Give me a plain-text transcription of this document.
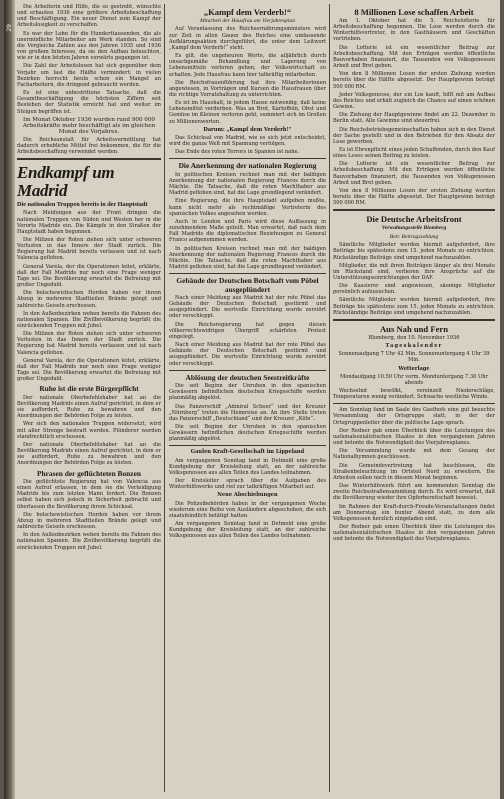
29

Die Arbeiterin und Hilfe, die so gestrebt, wünschte und erbauten 1936 eine größere Arbeitsbeschaffung und Beschäftigung. Ein neuer Dienst zum Kampf der Arbeitslosigkeit zu verschaffen.

Es war der Lohn für die Hunderttausenden, die als unermüdliche Mitarbeiter am Werk standen. So sind die Vergleiche Zahlen aus den Jahren 1935 und 1936 von großem Interesse, da sie den Aufbau beleuchten, wie er in den letzten Jahren vorwärts gegangen ist.

Die Zahl der Arbeitslosen hat sich gegenüber dem Vorjahr um fast die Hälfte vermindert; in vielen Bezirken herrscht heute schon ein Mangel an Facharbeitern, die dringend gebraucht werden.

Es ist eine unbestrittene Tatsache, daß die Gesamtbeschäftigung die höchsten Ziffern seit Bestehen der Statistik erreicht hat und weiter im Steigen begriffen ist.

Im Monat Oktober 1936 wurden rund 900 000 Arbeitskräfte mehr beschäftigt als im gleichen Monat des Vorjahres.

Die Reichsanstalt für Arbeitsvermittlung hat dadurch erhebliche Mittel frei bekommen, die für die Arbeitsbeschaffung verwendet werden.

Endkampf um Madrid
Die nationalen Truppen bereits in der Hauptstadt

Nach Meldungen aus der Front dringen die nationalen Truppen von Süden und Westen her in die Vororte Madrids ein. Die Kämpfe in den Straßen der Hauptstadt haben begonnen.

Die Milizen der Roten ziehen sich unter schweren Verlusten in das Innere der Stadt zurück. Die Regierung hat Madrid bereits verlassen und ist nach Valencia geflohen.

General Varela, der die Operationen leitet, erklärte, daß der Fall Madrids nur noch eine Frage weniger Tage sei. Die Bevölkerung erwartet die Befreiung mit großer Ungeduld.

Die bolschewistischen Horden haben vor ihrem Abzug in mehreren Stadtteilen Brände gelegt und zahlreiche Geiseln erschossen.

In den Außenbezirken wehen bereits die Fahnen des nationalen Spanien. Die Zivilbevölkerung begrüßt die einrückenden Truppen mit Jubel.

Die Milizen der Roten ziehen sich unter schweren Verlusten in das Innere der Stadt zurück. Die Regierung hat Madrid bereits verlassen und ist nach Valencia geflohen.

General Varela, der die Operationen leitet, erklärte, daß der Fall Madrids nur noch eine Frage weniger Tage sei. Die Bevölkerung erwartet die Befreiung mit großer Ungeduld.

Ruhe ist die erste Bürgerpflicht

Der nationale Oberbefehlshaber hat an die Bevölkerung Madrids einen Aufruf gerichtet, in dem er sie auffordert, Ruhe zu bewahren und den Anordnungen der Behörden Folge zu leisten.

Wer sich den nationalen Truppen widersetzt, wird mit aller Strenge bestraft werden. Plünderer werden standrechtlich erschossen.

Der nationale Oberbefehlshaber hat an die Bevölkerung Madrids einen Aufruf gerichtet, in dem er sie auffordert, Ruhe zu bewahren und den Anordnungen der Behörden Folge zu leisten.

Phrasen der geflüchteten Bonzen

Die geflüchtete Regierung hat von Valencia aus einen Aufruf erlassen, in dem sie die Verteidigung Madrids bis zum letzten Mann fordert. Die Bonzen selbst haben sich jedoch in Sicherheit gebracht und überlassen die Bevölkerung ihrem Schicksal.

Die bolschewistischen Horden haben vor ihrem Abzug in mehreren Stadtteilen Brände gelegt und zahlreiche Geiseln erschossen.

In den Außenbezirken wehen bereits die Fahnen des nationalen Spanien. Die Zivilbevölkerung begrüßt die einrückenden Truppen mit Jubel.

„Kampf dem Verderb!“
Mitarbeit der Hausfrau am Vierjahresplan

Auf Veranlassung des Reichsernährungsministers wird zur Zeit in allen Gauen des Reiches eine umfassende Aufklärungsaktion durchgeführt, die unter dem Leitwort „Kampf dem Verderb!“ steht.

Es gilt, die ungeheuren Werte, die alljährlich durch unsachgemäße Behandlung und Lagerung von Lebensmitteln verloren gehen, der Volkswirtschaft zu erhalten. Jede Hausfrau kann hier tatkräftig mitarbeiten.

Die Reichsfrauenführung hat ihre Mitarbeiterinnen angewiesen, in Vorträgen und Kursen die Hausfrauen über die richtige Vorratshaltung zu unterrichten.

Es ist im Haushalt, in jedem Hause notwendig, daß keine Lebensmittel verderben. Was an Brot, Kartoffeln, Obst und Gemüse im Kleinen verloren geht, summiert sich im Großen zu Millionenwerten.

Darum: „Kampf dem Verderb!“

Das Schicksal von Madrid, wie es sich jetzt entscheidet, wird die ganze Welt mit Spannung verfolgen.

Das Ende des roten Terrors in Spanien ist nahe.

Die Anerkennung der nationalen Regierung

In politischen Kreisen rechnet man mit der baldigen Anerkennung der nationalen Regierung Francos durch die Mächte. Die Tatsache, daß die roten Machthaber aus Madrid geflohen sind, hat die Lage grundlegend verändert.

Eine Regierung, die ihre Hauptstadt aufgeben mußte, kann nicht mehr als rechtmäßige Vertreterin des spanischen Volkes angesehen werden.

Auch in London und Paris wird diese Auffassung in zunehmendem Maße geteilt. Man erwartet, daß nach dem Fall Madrids die diplomatischen Beziehungen zu General Franco aufgenommen werden.

In politischen Kreisen rechnet man mit der baldigen Anerkennung der nationalen Regierung Francos durch die Mächte. Die Tatsache, daß die roten Machthaber aus Madrid geflohen sind, hat die Lage grundlegend verändert.

Gebäude der Deutschen Botschaft vom Pöbel ausgeplündert

Nach einer Meldung aus Madrid hat der rote Pöbel das Gebäude der Deutschen Botschaft gestürmt und ausgeplündert. Die wertvolle Einrichtung wurde zerstört oder verschleppt.

Die Reichsregierung hat gegen diesen völkerrechtswidrigen Übergriff schärfsten Protest eingelegt.

Nach einer Meldung aus Madrid hat der rote Pöbel das Gebäude der Deutschen Botschaft gestürmt und ausgeplündert. Die wertvolle Einrichtung wurde zerstört oder verschleppt.

Ablösung der deutschen Seestreitkräfte

Die seit Beginn der Unruhen in den spanischen Gewässern befindlichen deutschen Kriegsschiffe werden planmäßig abgelöst.

Das Panzerschiff „Admiral Scheer“ und der Kreuzer „Nürnberg“ treten die Heimreise an. An ihre Stelle treten das Panzerschiff „Deutschland“ und der Kreuzer „Köln“.

Die seit Beginn der Unruhen in den spanischen Gewässern befindlichen deutschen Kriegsschiffe werden planmäßig abgelöst.

Gaulen Kraft-Gesellschaft im Lippeland

Am vergangenen Sonntag fand in Detmold eine große Kundgebung der Kreisleitung statt, an der zahlreiche Volksgenossen aus allen Teilen des Landes teilnahmen.

Der Kreisleiter sprach über die Aufgaben des Winterhilfswerks und rief zur tatkräftigen Mitarbeit auf.

Neue Abschiebungen

Die Polizeibehörden haben in der vergangenen Woche wiederum eine Reihe von Ausländern abgeschoben, die sich staatsfeindlich betätigt hatten.

Am vergangenen Sonntag fand in Detmold eine große Kundgebung der Kreisleitung statt, an der zahlreiche Volksgenossen aus allen Teilen des Landes teilnahmen.

8 Millionen Lose schaffen Arbeit

Am 1. Oktober hat die 5. Reichslotterie für Arbeitsbeschaffung begonnen. Die Lose werden durch die Winterhilfsvertreter, in den Gasthäusern und Geschäften vertrieben.

Die Lotterie ist ein wesentlicher Beitrag zur Arbeitsbeschaffung. Mit den Erträgen werden öffentliche Bauvorhaben finanziert, die Tausenden von Volksgenossen Arbeit und Brot geben.

Von den 8 Millionen Losen der ersten Ziehung wurden bereits über die Hälfte abgesetzt. Der Hauptgewinn beträgt 500 000 RM.

Jeder Volksgenosse, der ein Los kauft, hilft mit am Aufbau des Reiches und erhält zugleich die Chance auf einen schönen Gewinn.

Die Ziehung der Hauptgewinne findet am 22. Dezember in Berlin statt. Alle Gewinne sind steuerfrei.

Die Reichsbetriebsgemeinschaften haben sich in den Dienst der Sache gestellt und in den Betrieben für den Absatz der Lose geworben.

Es ist Ehrenpflicht eines jeden Schaffenden, durch den Kauf eines Loses seinen Beitrag zu leisten.

Die Lotterie ist ein wesentlicher Beitrag zur Arbeitsbeschaffung. Mit den Erträgen werden öffentliche Bauvorhaben finanziert, die Tausenden von Volksgenossen Arbeit und Brot geben.

Von den 8 Millionen Losen der ersten Ziehung wurden bereits über die Hälfte abgesetzt. Der Hauptgewinn beträgt 500 000 RM.

Die Deutsche Arbeitsfront
Verwaltungsstelle Blomberg
Betr. Beitragszahlung

Sämtliche Mitglieder werden hiermit aufgefordert, ihre Beiträge bis spätestens zum 15. jeden Monats zu entrichten. Rückständige Beiträge sind umgehend nachzuzahlen.

Mitglieder, die mit ihren Beiträgen länger als drei Monate im Rückstand sind, verlieren ihre Ansprüche auf die Unterstützungseinrichtungen der DAF.

Die Kassierer sind angewiesen, säumige Mitglieder persönlich aufzusuchen.

Sämtliche Mitglieder werden hiermit aufgefordert, ihre Beiträge bis spätestens zum 15. jeden Monats zu entrichten. Rückständige Beiträge sind umgehend nachzuzahlen.

Aus Nah und Fern

Blomberg, den 10. November 1936

Tageskalender

Sonnenaufgang 7 Uhr 42 Min. Sonnenuntergang 4 Uhr 39 Min.

Wetterlage

Mondaufgang 10.50 Uhr vorm. Monduntergang 7.30 Uhr abends

Wechselnd bewölkt, vereinzelt Niederschläge, Temperaturen wenig verändert. Schwache westliche Winde.

Am Sonntag fand im Saale des Gasthofs eine gut besuchte Versammlung der Ortsgruppe statt, in der der Ortsgruppenleiter über die politische Lage sprach.

Der Redner gab einen Überblick über die Leistungen des nationalsozialistischen Staates in den vergangenen Jahren und betonte die Notwendigkeit des Vierjahresplanes.

Die Versammlung wurde mit dem Gesang der Nationalhymnen geschlossen.

Die Gemeindevertretung hat beschlossen, die Straßenbeleuchtung im Ortsteil Nord zu erweitern. Die Arbeiten sollen noch in diesem Monat beginnen.

Das Winterhilfswerk führt am kommenden Sonntag die zweite Reichsstraßensammlung durch. Es wird erwartet, daß die Bevölkerung wieder ihre Opferbereitschaft beweist.

Im Rahmen der Kraft-durch-Freude-Veranstaltungen findet am Donnerstag ein bunter Abend statt, zu dem alle Volksgenossen herzlich eingeladen sind.

Der Redner gab einen Überblick über die Leistungen des nationalsozialistischen Staates in den vergangenen Jahren und betonte die Notwendigkeit des Vierjahresplanes.
